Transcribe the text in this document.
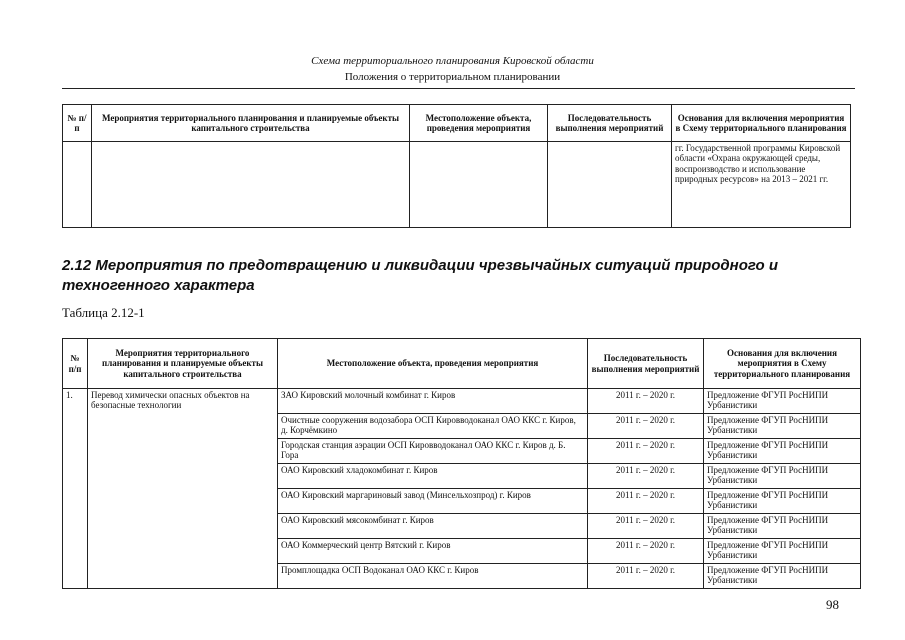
Схема территориального планирования Кировской области
Положения о территориальном планировании
№ п/п	Мероприятия территориального планирования и планируемые объекты капитального строительства	Местоположение объекта, проведения мероприятия	Последовательность выполнения мероприятий	Основания для включения мероприятия в Схему территориального планирования
				гг. Государственной программы Кировской области «Охрана окружающей среды, воспроизводство и использование природных ресурсов» на 2013 – 2021 гг.
2.12 Мероприятия по предотвращению и ликвидации чрезвычайных ситуаций природного и техногенного характера
Таблица 2.12-1
№ п/п	Мероприятия территориального планирования и планируемые объекты капитального строительства	Местоположение объекта, проведения мероприятия	Последовательность выполнения мероприятий	Основания для включения мероприятия в Схему территориального планирования
1.	Перевод химически опасных объектов на безопасные технологии	ЗАО Кировский молочный комбинат г. Киров	2011 г. – 2020 г.	Предложение ФГУП РосНИПИ Урбанистики
		Очистные сооружения водозабора ОСП Кировводоканал ОАО ККС г. Киров, д. Корчёмкино	2011 г. – 2020 г.	Предложение ФГУП РосНИПИ Урбанистики
		Городская станция аэрации ОСП Кировводоканал ОАО ККС г. Киров д. Б. Гора	2011 г. – 2020 г.	Предложение ФГУП РосНИПИ Урбанистики
		ОАО Кировский хладокомбинат г. Киров	2011 г. – 2020 г.	Предложение ФГУП РосНИПИ Урбанистики
		ОАО Кировский маргариновый завод (Минсельхозпрод) г. Киров	2011 г. – 2020 г.	Предложение ФГУП РосНИПИ Урбанистики
		ОАО Кировский мясокомбинат г. Киров	2011 г. – 2020 г.	Предложение ФГУП РосНИПИ Урбанистики
		ОАО Коммерческий центр Вятский г. Киров	2011 г. – 2020 г.	Предложение ФГУП РосНИПИ Урбанистики
		Промплощадка ОСП Водоканал ОАО ККС г. Киров	2011 г. – 2020 г.	Предложение ФГУП РосНИПИ Урбанистики
98
